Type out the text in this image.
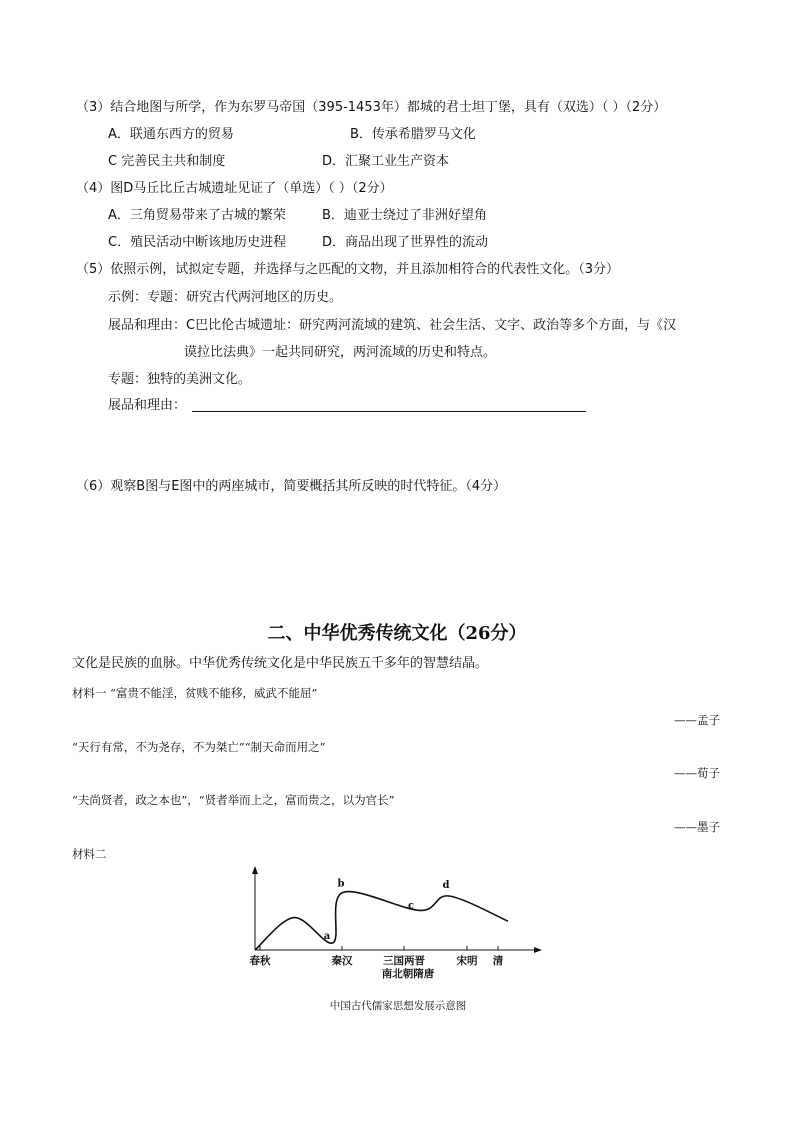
（3）结合地图与所学，作为东罗马帝国（395-1453年）都城的君士坦丁堡，具有（双选）（ ）（2分）
A．联通东西方的贸易	B．传承希腊罗马文化
C 完善民主共和制度	D．汇聚工业生产资本
（4）图D马丘比丘古城遗址见证了（单选）（ ）（2分）
A．三角贸易带来了古城的繁荣	B．迪亚士绕过了非洲好望角
C．殖民活动中断该地历史进程	D．商品出现了世界性的流动
（5）依照示例，试拟定专题，并选择与之匹配的文物，并且添加相符合的代表性文化。（3分）
示例：专题：研究古代两河地区的历史。
展品和理由：C巴比伦古城遗址：研究两河流域的建筑、社会生活、文字、政治等多个方面，与《汉
谟拉比法典》一起共同研究，两河流域的历史和特点。
专题：独特的美洲文化。
展品和理由：
（6）观察B图与E图中的两座城市，简要概括其所反映的时代特征。（4分）
二、中华优秀传统文化（26分）
文化是民族的血脉。中华优秀传统文化是中华民族五千多年的智慧结晶。
材料一 “富贵不能淫，贫贱不能移，威武不能屈”
——孟子
“天行有常，不为尧存，不为桀亡”“制天命而用之”
——荀子
“夫尚贤者，政之本也”，“贤者举而上之，富而贵之，以为官长”
——墨子
材料二
a
b
c
d
春秋	秦汉	三国两晋	宋明 清
南北朝隋唐
中国古代儒家思想发展示意图
